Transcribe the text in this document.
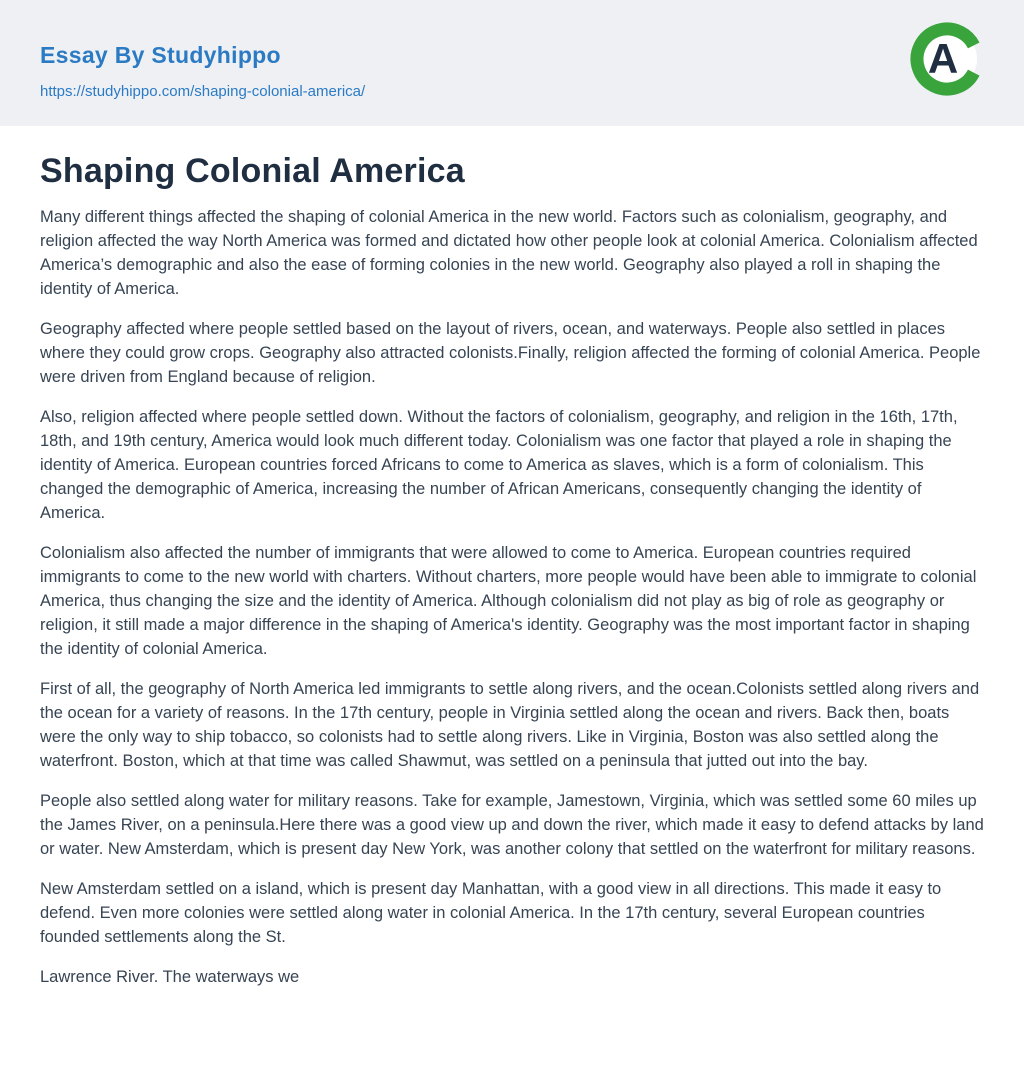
Essay By Studyhippo
https://studyhippo.com/shaping-colonial-america/
A
Shaping Colonial America

Many different things affected the shaping of colonial America in the new world. Factors such as colonialism, geography, and religion affected the way North America was formed and dictated how other people look at colonial America. Colonialism affected America’s demographic and also the ease of forming colonies in the new world. Geography also played a roll in shaping the identity of America.

Geography affected where people settled based on the layout of rivers, ocean, and waterways. People also settled in places where they could grow crops. Geography also attracted colonists.Finally, religion affected the forming of colonial America. People were driven from England because of religion.

Also, religion affected where people settled down. Without the factors of colonialism, geography, and religion in the 16th, 17th, 18th, and 19th century, America would look much different today. Colonialism was one factor that played a role in shaping the identity of America. European countries forced Africans to come to America as slaves, which is a form of colonialism. This changed the demographic of America, increasing the number of African Americans, consequently changing the identity of America.

Colonialism also affected the number of immigrants that were allowed to come to America. European countries required immigrants to come to the new world with charters. Without charters, more people would have been able to immigrate to colonial America, thus changing the size and the identity of America. Although colonialism did not play as big of role as geography or religion, it still made a major difference in the shaping of America's identity. Geography was the most important factor in shaping the identity of colonial America.

First of all, the geography of North America led immigrants to settle along rivers, and the ocean.Colonists settled along rivers and the ocean for a variety of reasons. In the 17th century, people in Virginia settled along the ocean and rivers. Back then, boats were the only way to ship tobacco, so colonists had to settle along rivers. Like in Virginia, Boston was also settled along the waterfront. Boston, which at that time was called Shawmut, was settled on a peninsula that jutted out into the bay.

People also settled along water for military reasons. Take for example, Jamestown, Virginia, which was settled some 60 miles up the James River, on a peninsula.Here there was a good view up and down the river, which made it easy to defend attacks by land or water. New Amsterdam, which is present day New York, was another colony that settled on the waterfront for military reasons.

New Amsterdam settled on a island, which is present day Manhattan, with a good view in all directions. This made it easy to defend. Even more colonies were settled along water in colonial America. In the 17th century, several European countries founded settlements along the St.

Lawrence River. The waterways we
